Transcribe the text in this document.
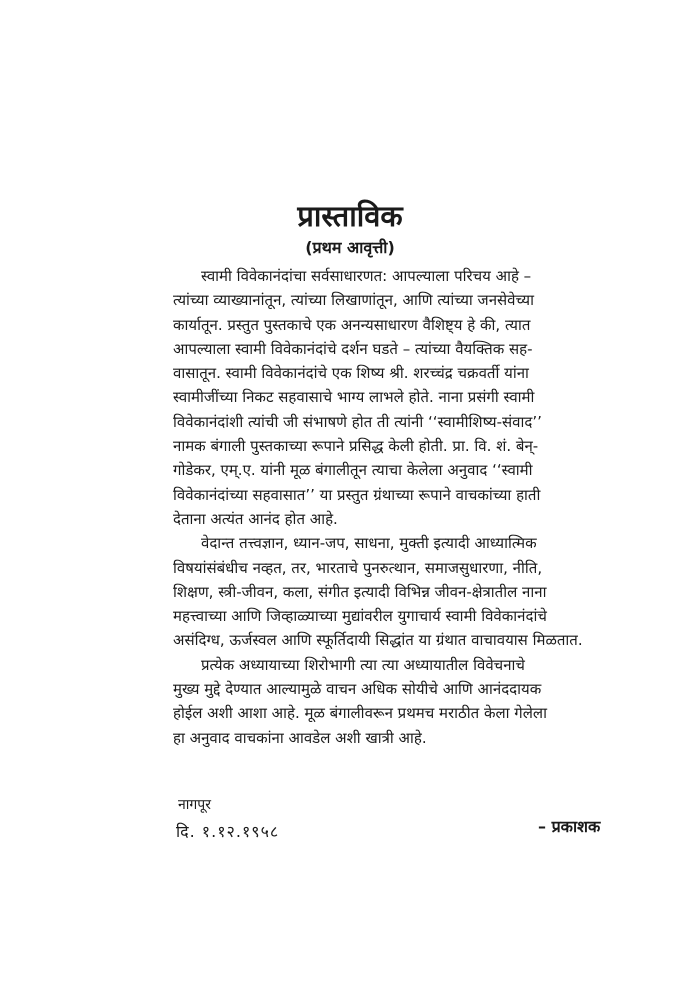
प्रास्ताविक
(प्रथम आवृत्ती)

स्वामी विवेकानंदांचा सर्वसाधारणत: आपल्याला परिचय आहे –
त्यांच्या व्याख्यानांतून, त्यांच्या लिखाणांतून, आणि त्यांच्या जनसेवेच्या
कार्यातून. प्रस्तुत पुस्तकाचे एक अनन्यसाधारण वैशिष्ट्य हे की, त्यात
आपल्याला स्वामी विवेकानंदांचे दर्शन घडते – त्यांच्या वैयक्तिक सह-
वासातून. स्वामी विवेकानंदांचे एक शिष्य श्री. शरच्चंद्र चक्रवर्ती यांना
स्वामीजींच्या निकट सहवासाचे भाग्य लाभले होते. नाना प्रसंगी स्वामी
विवेकानंदांशी त्यांची जी संभाषणे होत ती त्यांनी ‘‘स्वामीशिष्य-संवाद’’
नामक बंगाली पुस्तकाच्या रूपाने प्रसिद्ध केली होती. प्रा. वि. शं. बेन्-
गोडेकर, एम्.ए. यांनी मूळ बंगालीतून त्याचा केलेला अनुवाद ‘‘स्वामी
विवेकानंदांच्या सहवासात’’ या प्रस्तुत ग्रंथाच्या रूपाने वाचकांच्या हाती
देताना अत्यंत आनंद होत आहे.

वेदान्त तत्त्वज्ञान, ध्यान-जप, साधना, मुक्ती इत्यादी आध्यात्मिक
विषयांसंबंधीच नव्हत, तर, भारताचे पुनरुत्थान, समाजसुधारणा, नीति,
शिक्षण, स्त्री-जीवन, कला, संगीत इत्यादी विभिन्न जीवन-क्षेत्रातील नाना
महत्त्वाच्या आणि जिव्हाळ्याच्या मुद्यांवरील युगाचार्य स्वामी विवेकानंदांचे
असंदिग्ध, ऊर्जस्वल आणि स्फूर्तिदायी सिद्धांत या ग्रंथात वाचावयास मिळतात.

प्रत्येक अध्यायाच्या शिरोभागी त्या त्या अध्यायातील विवेचनाचे
मुख्य मुद्दे देण्यात आल्यामुळे वाचन अधिक सोयीचे आणि आनंददायक
होईल अशी आशा आहे. मूळ बंगालीवरून प्रथमच मराठीत केला गेलेला
हा अनुवाद वाचकांना आवडेल अशी खात्री आहे.

नागपूर
दि. १.१२.१९५८	– प्रकाशक
